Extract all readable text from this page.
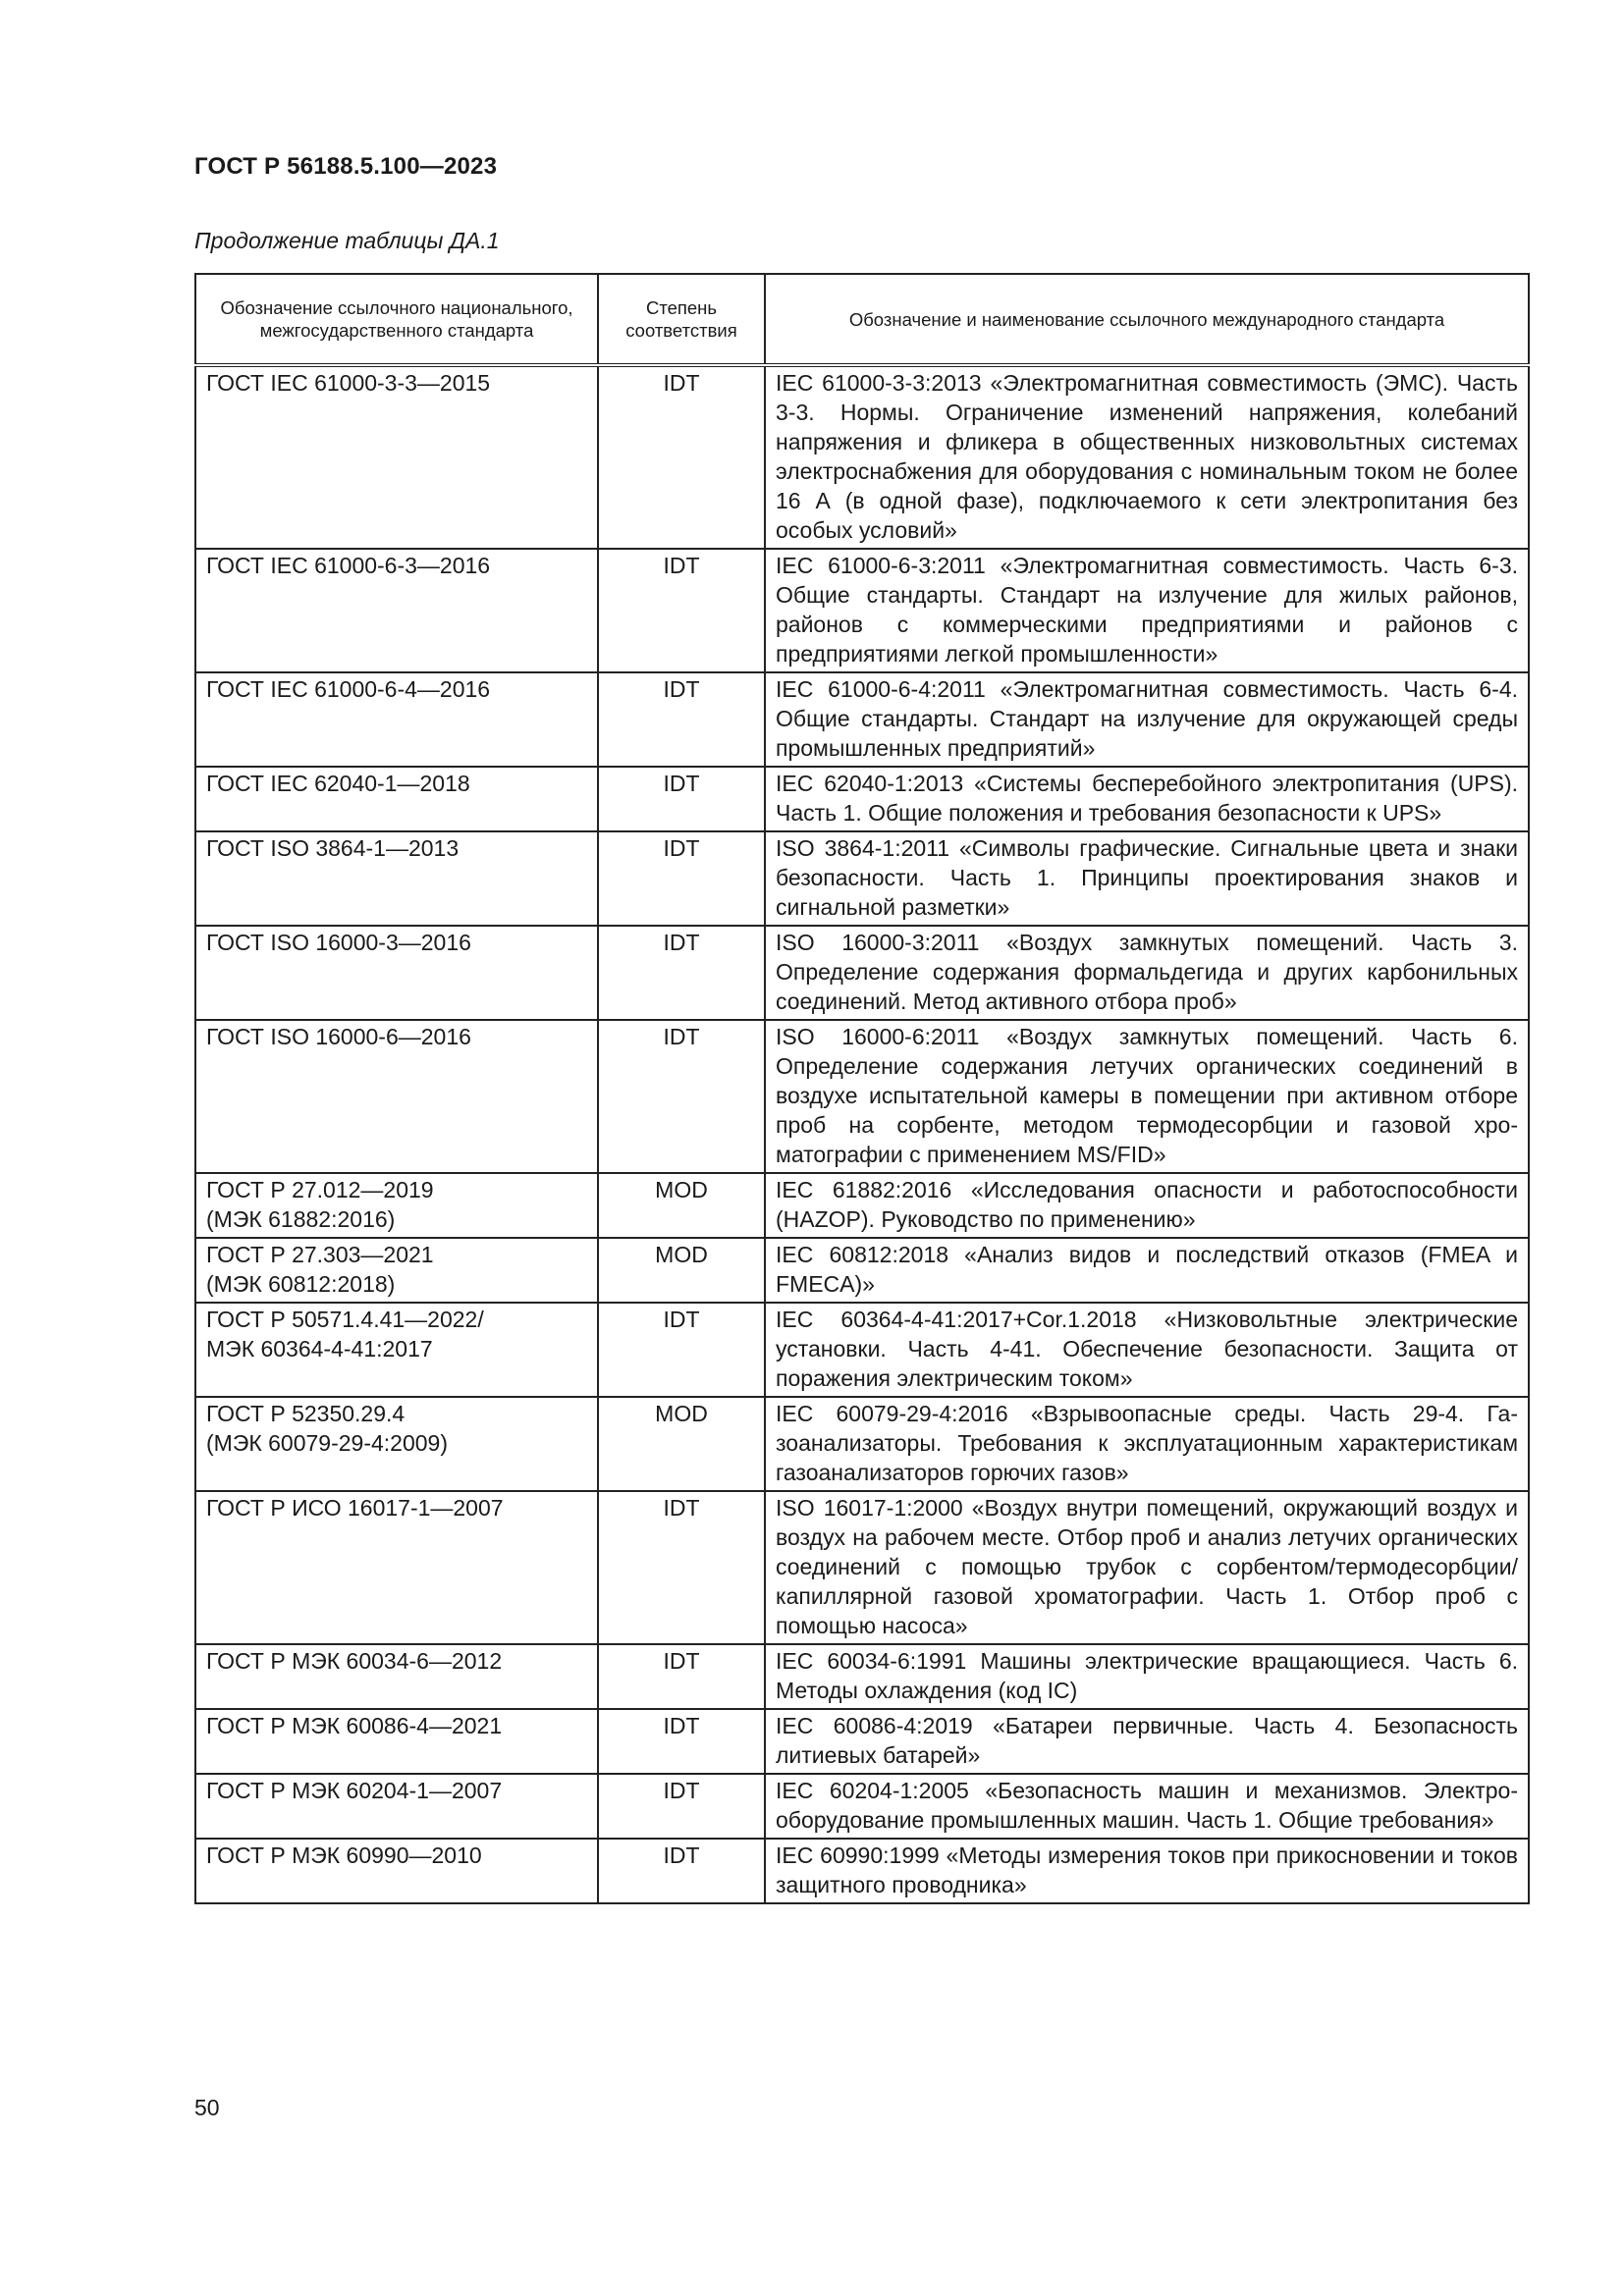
ГОСТ Р 56188.5.100—2023
Продолжение таблицы ДА.1
Обозначение ссылочного национального, межгосударственного стандарта	Степень соответствия	Обозначение и наименование ссылочного международного стандарта

ГОСТ IEC 61000-3-3—2015	IDT	IEC 61000-3-3:2013 «Электромагнитная совместимость (ЭМС). Часть 3-3. Нормы. Ограничение изменений напряжения, колебаний напряжения и фликера в общественных низковольтных системах электроснабжения для оборудования с номинальным током не более 16 А (в одной фазе), подключаемого к сети электропитания без особых условий»

ГОСТ IEC 61000-6-3—2016	IDT	IEC 61000-6-3:2011 «Электромагнитная совместимость. Часть 6-3. Общие стандарты. Стандарт на излучение для жилых районов, районов с коммерческими предприятиями и районов с предприятиями легкой промышленности»

ГОСТ IEC 61000-6-4—2016	IDT	IEC 61000-6-4:2011 «Электромагнитная совместимость. Часть 6-4. Общие стандарты. Стандарт на излучение для окружающей среды промышленных предприятий»

ГОСТ IEC 62040-1—2018	IDT	IEC 62040-1:2013 «Системы бесперебойного электропитания (UPS). Часть 1. Общие положения и требования безопасности к UPS»

ГОСТ ISO 3864-1—2013	IDT	ISO 3864-1:2011 «Символы графические. Сигнальные цвета и знаки безопасности. Часть 1. Принципы проектирования знаков и сигнальной разметки»

ГОСТ ISO 16000-3—2016	IDT	ISO 16000-3:2011 «Воздух замкнутых помещений. Часть 3. Определение содержания формальдегида и других карбонильных соединений. Метод активного отбора проб»

ГОСТ ISO 16000-6—2016	IDT	ISO 16000-6:2011 «Воздух замкнутых помещений. Часть 6. Определение содержания летучих органических соединений в воздухе испытательной камеры в помещении при активном отборе проб на сорбенте, методом термодесорбции и газовой хроматографии с применением MS/FID»

ГОСТ Р 27.012—2019
(МЭК 61882:2016)	MOD	IEC 61882:2016 «Исследования опасности и работоспособности (HAZOP). Руководство по применению»

ГОСТ Р 27.303—2021
(МЭК 60812:2018)	MOD	IEC 60812:2018 «Анализ видов и последствий отказов (FMEA и FMECA)»

ГОСТ Р 50571.4.41—2022/
МЭК 60364-4-41:2017	IDT	IEC 60364-4-41:2017+Cor.1.2018 «Низковольтные электрические установки. Часть 4-41. Обеспечение безопасности. Защита от поражения электрическим током»

ГОСТ Р 52350.29.4
(МЭК 60079-29-4:2009)	MOD	IEC 60079-29-4:2016 «Взрывоопасные среды. Часть 29-4. Газоанализаторы. Требования к эксплуатационным характеристикам газоанализаторов горючих газов»

ГОСТ Р ИСО 16017-1—2007	IDT	ISO 16017-1:2000 «Воздух внутри помещений, окружающий воздух и воздух на рабочем месте. Отбор проб и анализ летучих органических соединений с помощью трубок с сорбентом/термодесорбции/капиллярной газовой хроматографии. Часть 1. Отбор проб с помощью насоса»

ГОСТ Р МЭК 60034-6—2012	IDT	IEC 60034-6:1991 Машины электрические вращающиеся. Часть 6. Методы охлаждения (код IC)

ГОСТ Р МЭК 60086-4—2021	IDT	IEC 60086-4:2019 «Батареи первичные. Часть 4. Безопасность литиевых батарей»

ГОСТ Р МЭК 60204-1—2007	IDT	IEC 60204-1:2005 «Безопасность машин и механизмов. Электрооборудование промышленных машин. Часть 1. Общие требования»

ГОСТ Р МЭК 60990—2010	IDT	IEC 60990:1999 «Методы измерения токов при прикосновении и токов защитного проводника»
50
